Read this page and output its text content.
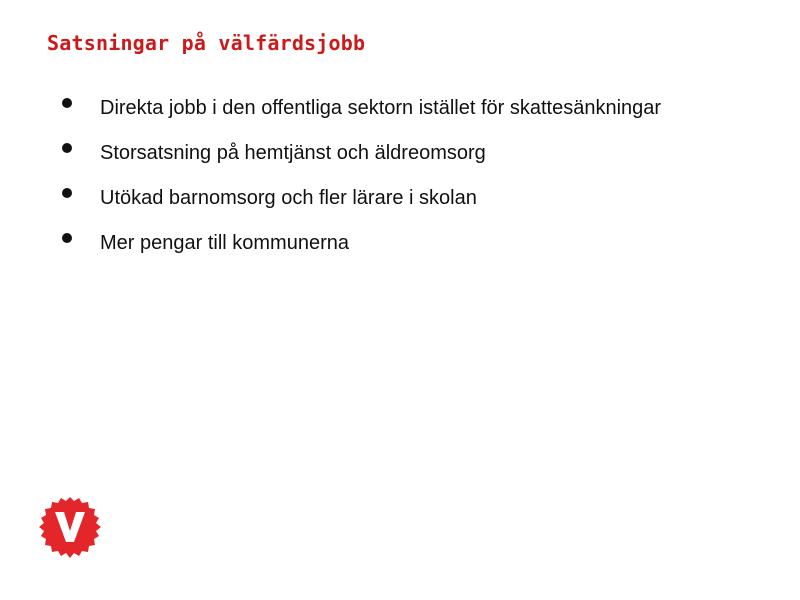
Satsningar på välfärdsjobb
Direkta jobb i den offentliga sektorn istället för skattesänkningar
Storsatsning på hemtjänst och äldreomsorg
Utökad barnomsorg och fler lärare i skolan
Mer pengar till kommunerna
